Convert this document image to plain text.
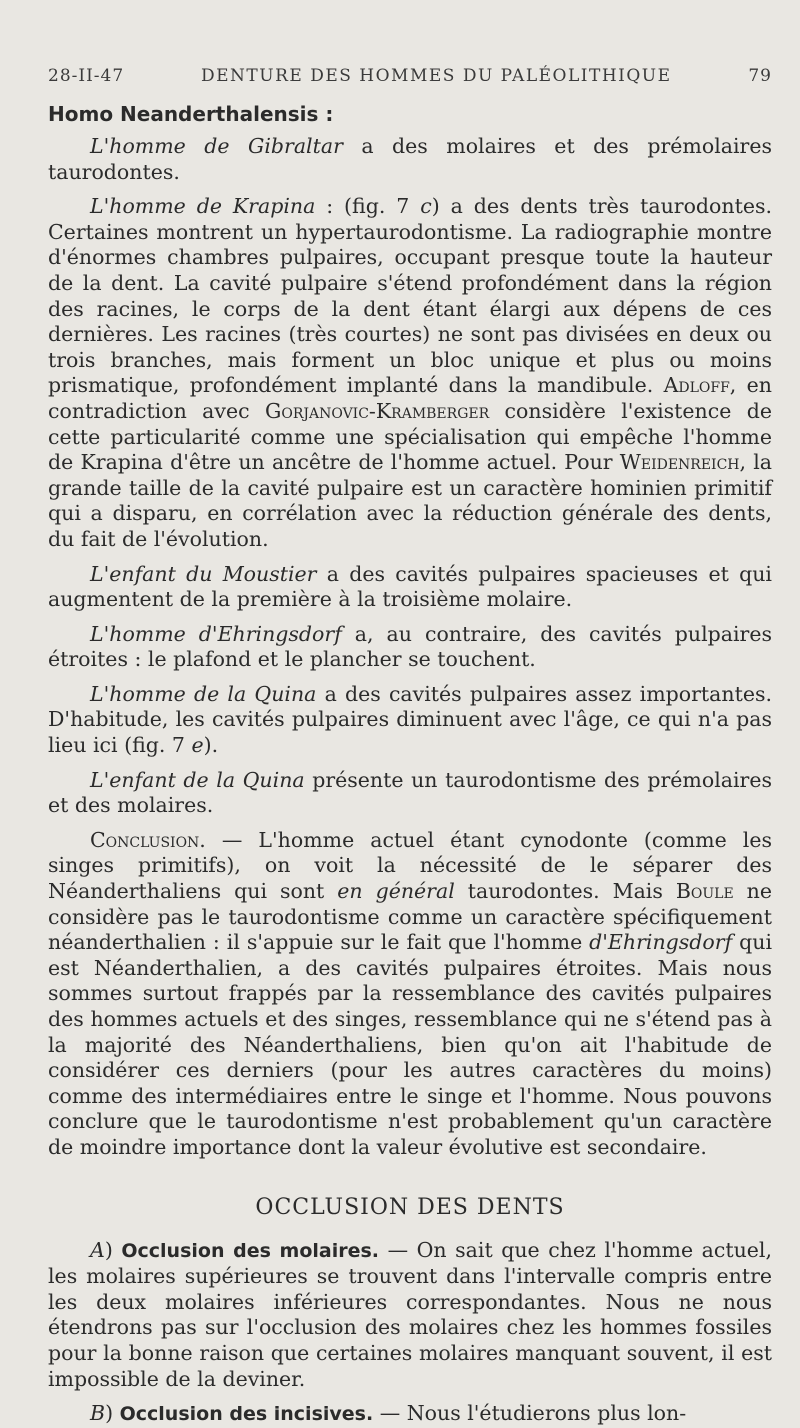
28-II-47	DENTURE DES HOMMES DU PALÉOLITHIQUE	79
Homo Neanderthalensis :

L'homme de Gibraltar a des molaires et des prémolaires taurodontes.

L'homme de Krapina : (fig. 7 c) a des dents très taurodontes. Certaines montrent un hypertaurodontisme. La radiographie montre d'énormes chambres pulpaires, occupant presque toute la hauteur de la dent. La cavité pulpaire s'étend profondément dans la région des racines, le corps de la dent étant élargi aux dépens de ces dernières. Les racines (très courtes) ne sont pas divisées en deux ou trois branches, mais forment un bloc unique et plus ou moins prismatique, profondément implanté dans la mandibule. Adloff, en contradiction avec Gorjanovic-Kramberger considère l'existence de cette particularité comme une spécialisation qui empêche l'homme de Krapina d'être un ancêtre de l'homme actuel. Pour Weidenreich, la grande taille de la cavité pulpaire est un caractère hominien primitif qui a disparu, en corrélation avec la réduction générale des dents, du fait de l'évolution.

L'enfant du Moustier a des cavités pulpaires spacieuses et qui augmentent de la première à la troisième molaire.

L'homme d'Ehringsdorf a, au contraire, des cavités pulpaires étroites : le plafond et le plancher se touchent.

L'homme de la Quina a des cavités pulpaires assez importantes. D'habitude, les cavités pulpaires diminuent avec l'âge, ce qui n'a pas lieu ici (fig. 7 e).

L'enfant de la Quina présente un taurodontisme des prémolaires et des molaires.

Conclusion. — L'homme actuel étant cynodonte (comme les singes primitifs), on voit la nécessité de le séparer des Néanderthaliens qui sont en général taurodontes. Mais Boule ne considère pas le taurodontisme comme un caractère spécifiquement néanderthalien : il s'appuie sur le fait que l'homme d'Ehringsdorf qui est Néanderthalien, a des cavités pulpaires étroites. Mais nous sommes surtout frappés par la ressemblance des cavités pulpaires des hommes actuels et des singes, ressemblance qui ne s'étend pas à la majorité des Néanderthaliens, bien qu'on ait l'habitude de considérer ces derniers (pour les autres caractères du moins) comme des intermédiaires entre le singe et l'homme. Nous pouvons conclure que le taurodontisme n'est probablement qu'un caractère de moindre importance dont la valeur évolutive est secondaire.

OCCLUSION DES DENTS

A) Occlusion des molaires. — On sait que chez l'homme actuel, les molaires supérieures se trouvent dans l'intervalle compris entre les deux molaires inférieures correspondantes. Nous ne nous étendrons pas sur l'occlusion des molaires chez les hommes fossiles pour la bonne raison que certaines molaires manquant souvent, il est impossible de la deviner.

B) Occlusion des incisives. — Nous l'étudierons plus lon-
